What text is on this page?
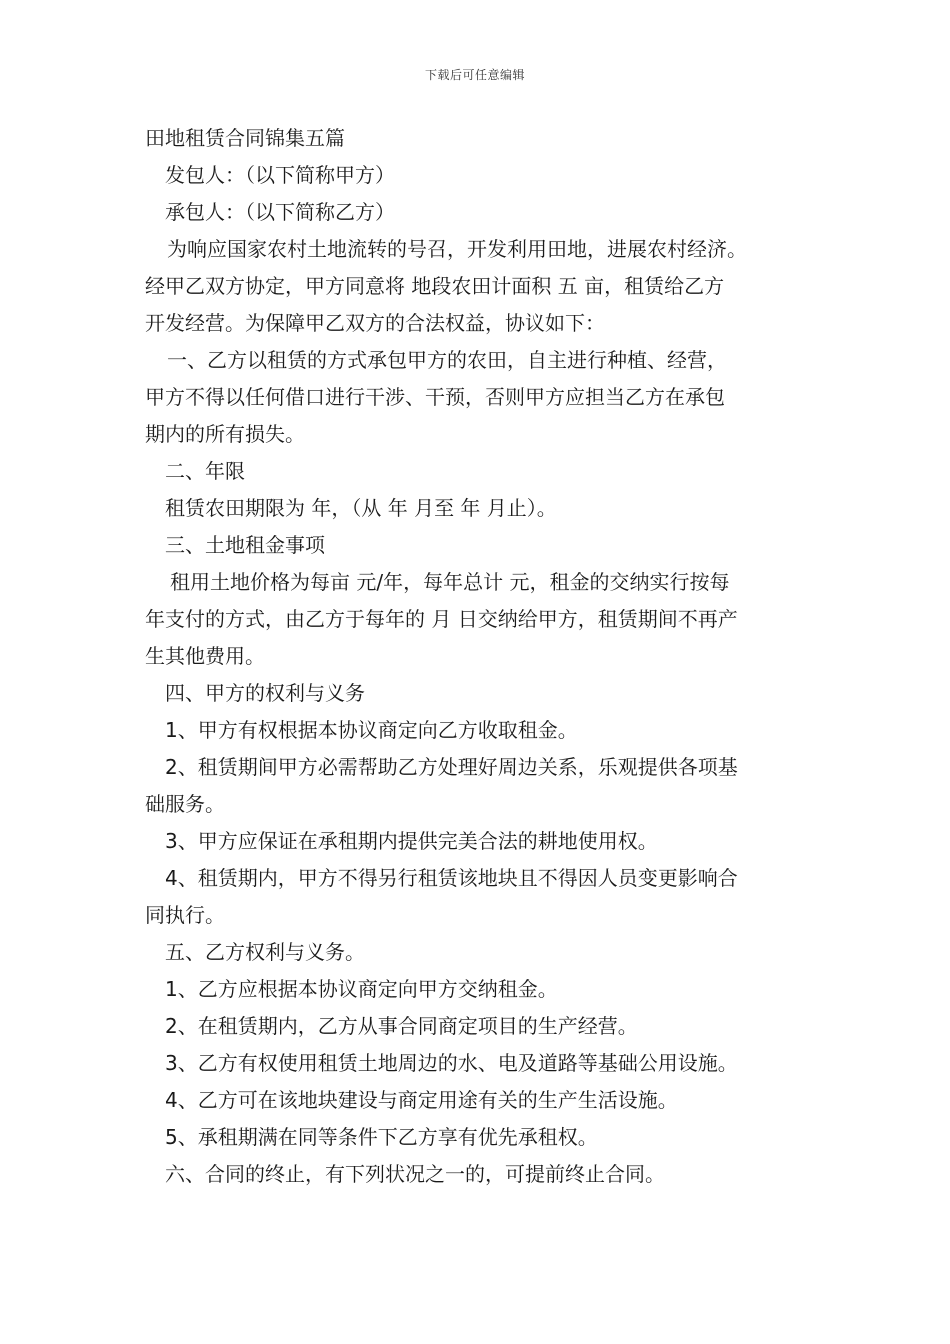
下载后可任意编辑
田地租赁合同锦集五篇
发包人：（以下简称甲方）
承包人：（以下简称乙方）
为响应国家农村土地流转的号召，开发利用田地，进展农村经济。
经甲乙双方协定，甲方同意将 地段农田计面积 五 亩，租赁给乙方
开发经营。为保障甲乙双方的合法权益，协议如下：
一、乙方以租赁的方式承包甲方的农田，自主进行种植、经营，
甲方不得以任何借口进行干涉、干预，否则甲方应担当乙方在承包
期内的所有损失。
二、年限
租赁农田期限为 年，（从 年 月至 年 月止）。
三、土地租金事项
租用土地价格为每亩 元/年，每年总计 元，租金的交纳实行按每
年支付的方式，由乙方于每年的 月 日交纳给甲方，租赁期间不再产
生其他费用。
四、甲方的权利与义务
1、甲方有权根据本协议商定向乙方收取租金。
2、租赁期间甲方必需帮助乙方处理好周边关系，乐观提供各项基
础服务。
3、甲方应保证在承租期内提供完美合法的耕地使用权。
4、租赁期内，甲方不得另行租赁该地块且不得因人员变更影响合
同执行。
五、乙方权利与义务。
1、乙方应根据本协议商定向甲方交纳租金。
2、在租赁期内，乙方从事合同商定项目的生产经营。
3、乙方有权使用租赁土地周边的水、电及道路等基础公用设施。
4、乙方可在该地块建设与商定用途有关的生产生活设施。
5、承租期满在同等条件下乙方享有优先承租权。
六、合同的终止，有下列状况之一的，可提前终止合同。
